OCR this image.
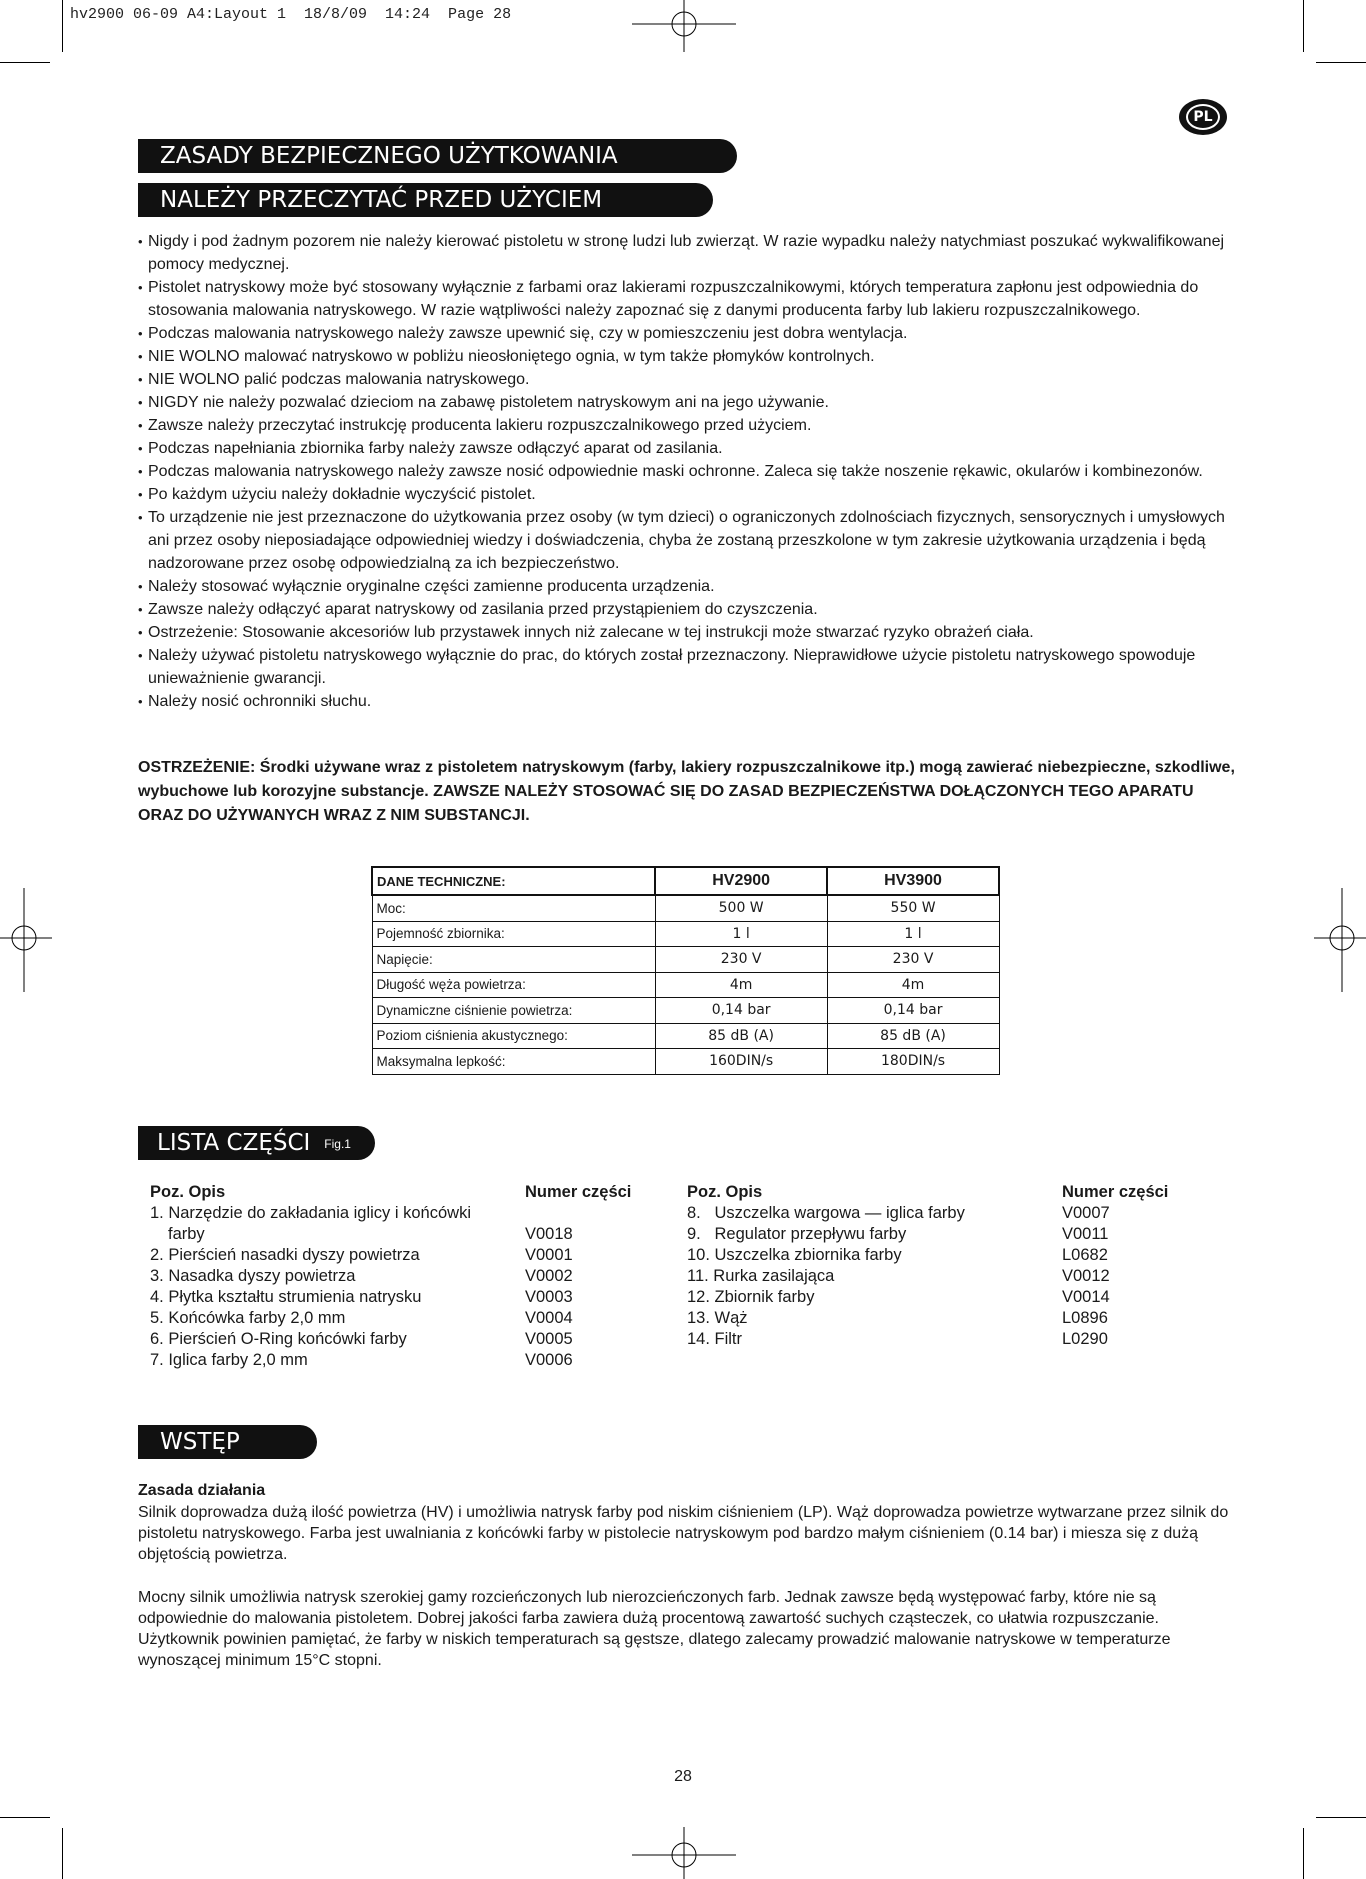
hv2900 06-09 A4:Layout 1  18/8/09  14:24  Page 28
PL
ZASADY BEZPIECZNEGO UŻYTKOWANIA
NALEŻY PRZECZYTAĆ PRZED UŻYCIEM
• Nigdy i pod żadnym pozorem nie należy kierować pistoletu w stronę ludzi lub zwierząt. W razie wypadku należy natychmiast poszukać wykwalifikowanej pomocy medycznej.
• Pistolet natryskowy może być stosowany wyłącznie z farbami oraz lakierami rozpuszczalnikowymi, których temperatura zapłonu jest odpowiednia do stosowania malowania natryskowego. W razie wątpliwości należy zapoznać się z danymi producenta farby lub lakieru rozpuszczalnikowego.
• Podczas malowania natryskowego należy zawsze upewnić się, czy w pomieszczeniu jest dobra wentylacja.
• NIE WOLNO malować natryskowo w pobliżu nieosłoniętego ognia, w tym także płomyków kontrolnych.
• NIE WOLNO palić podczas malowania natryskowego.
• NIGDY nie należy pozwalać dzieciom na zabawę pistoletem natryskowym ani na jego używanie.
• Zawsze należy przeczytać instrukcję producenta lakieru rozpuszczalnikowego przed użyciem.
• Podczas napełniania zbiornika farby należy zawsze odłączyć aparat od zasilania.
• Podczas malowania natryskowego należy zawsze nosić odpowiednie maski ochronne. Zaleca się także noszenie rękawic, okularów i kombinezonów.
• Po każdym użyciu należy dokładnie wyczyścić pistolet.
• To urządzenie nie jest przeznaczone do użytkowania przez osoby (w tym dzieci) o ograniczonych zdolnościach fizycznych, sensorycznych i umysłowych ani przez osoby nieposiadające odpowiedniej wiedzy i doświadczenia, chyba że zostaną przeszkolone w tym zakresie użytkowania urządzenia i będą nadzorowane przez osobę odpowiedzialną za ich bezpieczeństwo.
• Należy stosować wyłącznie oryginalne części zamienne producenta urządzenia.
• Zawsze należy odłączyć aparat natryskowy od zasilania przed przystąpieniem do czyszczenia.
• Ostrzeżenie: Stosowanie akcesoriów lub przystawek innych niż zalecane w tej instrukcji może stwarzać ryzyko obrażeń ciała.
• Należy używać pistoletu natryskowego wyłącznie do prac, do których został przeznaczony. Nieprawidłowe użycie pistoletu natryskowego spowoduje unieważnienie gwarancji.
• Należy nosić ochronniki słuchu.

OSTRZEŻENIE: Środki używane wraz z pistoletem natryskowym (farby, lakiery rozpuszczalnikowe itp.) mogą zawierać niebezpieczne, szkodliwe, wybuchowe lub korozyjne substancje. ZAWSZE NALEŻY STOSOWAĆ SIĘ DO ZASAD BEZPIECZEŃSTWA DOŁĄCZONYCH TEGO APARATU ORAZ DO UŻYWANYCH WRAZ Z NIM SUBSTANCJI.

DANE TECHNICZNE:	HV2900	HV3900
Moc:	500 W	550 W
Pojemność zbiornika:	1 l	1 l
Napięcie:	230 V	230 V
Długość węża powietrza:	4m	4m
Dynamiczne ciśnienie powietrza:	0,14 bar	0,14 bar
Poziom ciśnienia akustycznego:	85 dB (A)	85 dB (A)
Maksymalna lepkość:	160DIN/s	180DIN/s
LISTA CZĘŚCI Fig.1
Poz. Opis	Numer części
1. Narzędzie do zakładania iglicy i końcówki
farby	V0018
2. Pierścień nasadki dyszy powietrza	V0001
3. Nasadka dyszy powietrza	V0002
4. Płytka kształtu strumienia natrysku	V0003
5. Końcówka farby 2,0 mm	V0004
6. Pierścień O-Ring końcówki farby	V0005
7. Iglica farby 2,0 mm	V0006
Poz. Opis	Numer części
8.   Uszczelka wargowa — iglica farby	V0007
9.   Regulator przepływu farby	V0011
10. Uszczelka zbiornika farby	L0682
11. Rurka zasilająca	V0012
12. Zbiornik farby	V0014
13. Wąż	L0896
14. Filtr	L0290
WSTĘP

Zasada działania

Silnik doprowadza dużą ilość powietrza (HV) i umożliwia natrysk farby pod niskim ciśnieniem (LP). Wąż doprowadza powietrze wytwarzane przez silnik do pistoletu natryskowego. Farba jest uwalniania z końcówki farby w pistolecie natryskowym pod bardzo małym ciśnieniem (0.14 bar) i miesza się z dużą objętością powietrza.

Mocny silnik umożliwia natrysk szerokiej gamy rozcieńczonych lub nierozcieńczonych farb. Jednak zawsze będą występować farby, które nie są odpowiednie do malowania pistoletem. Dobrej jakości farba zawiera dużą procentową zawartość suchych cząsteczek, co ułatwia rozpuszczanie. Użytkownik powinien pamiętać, że farby w niskich temperaturach są gęstsze, dlatego zalecamy prowadzić malowanie natryskowe w temperaturze wynoszącej minimum 15°C stopni.

28
